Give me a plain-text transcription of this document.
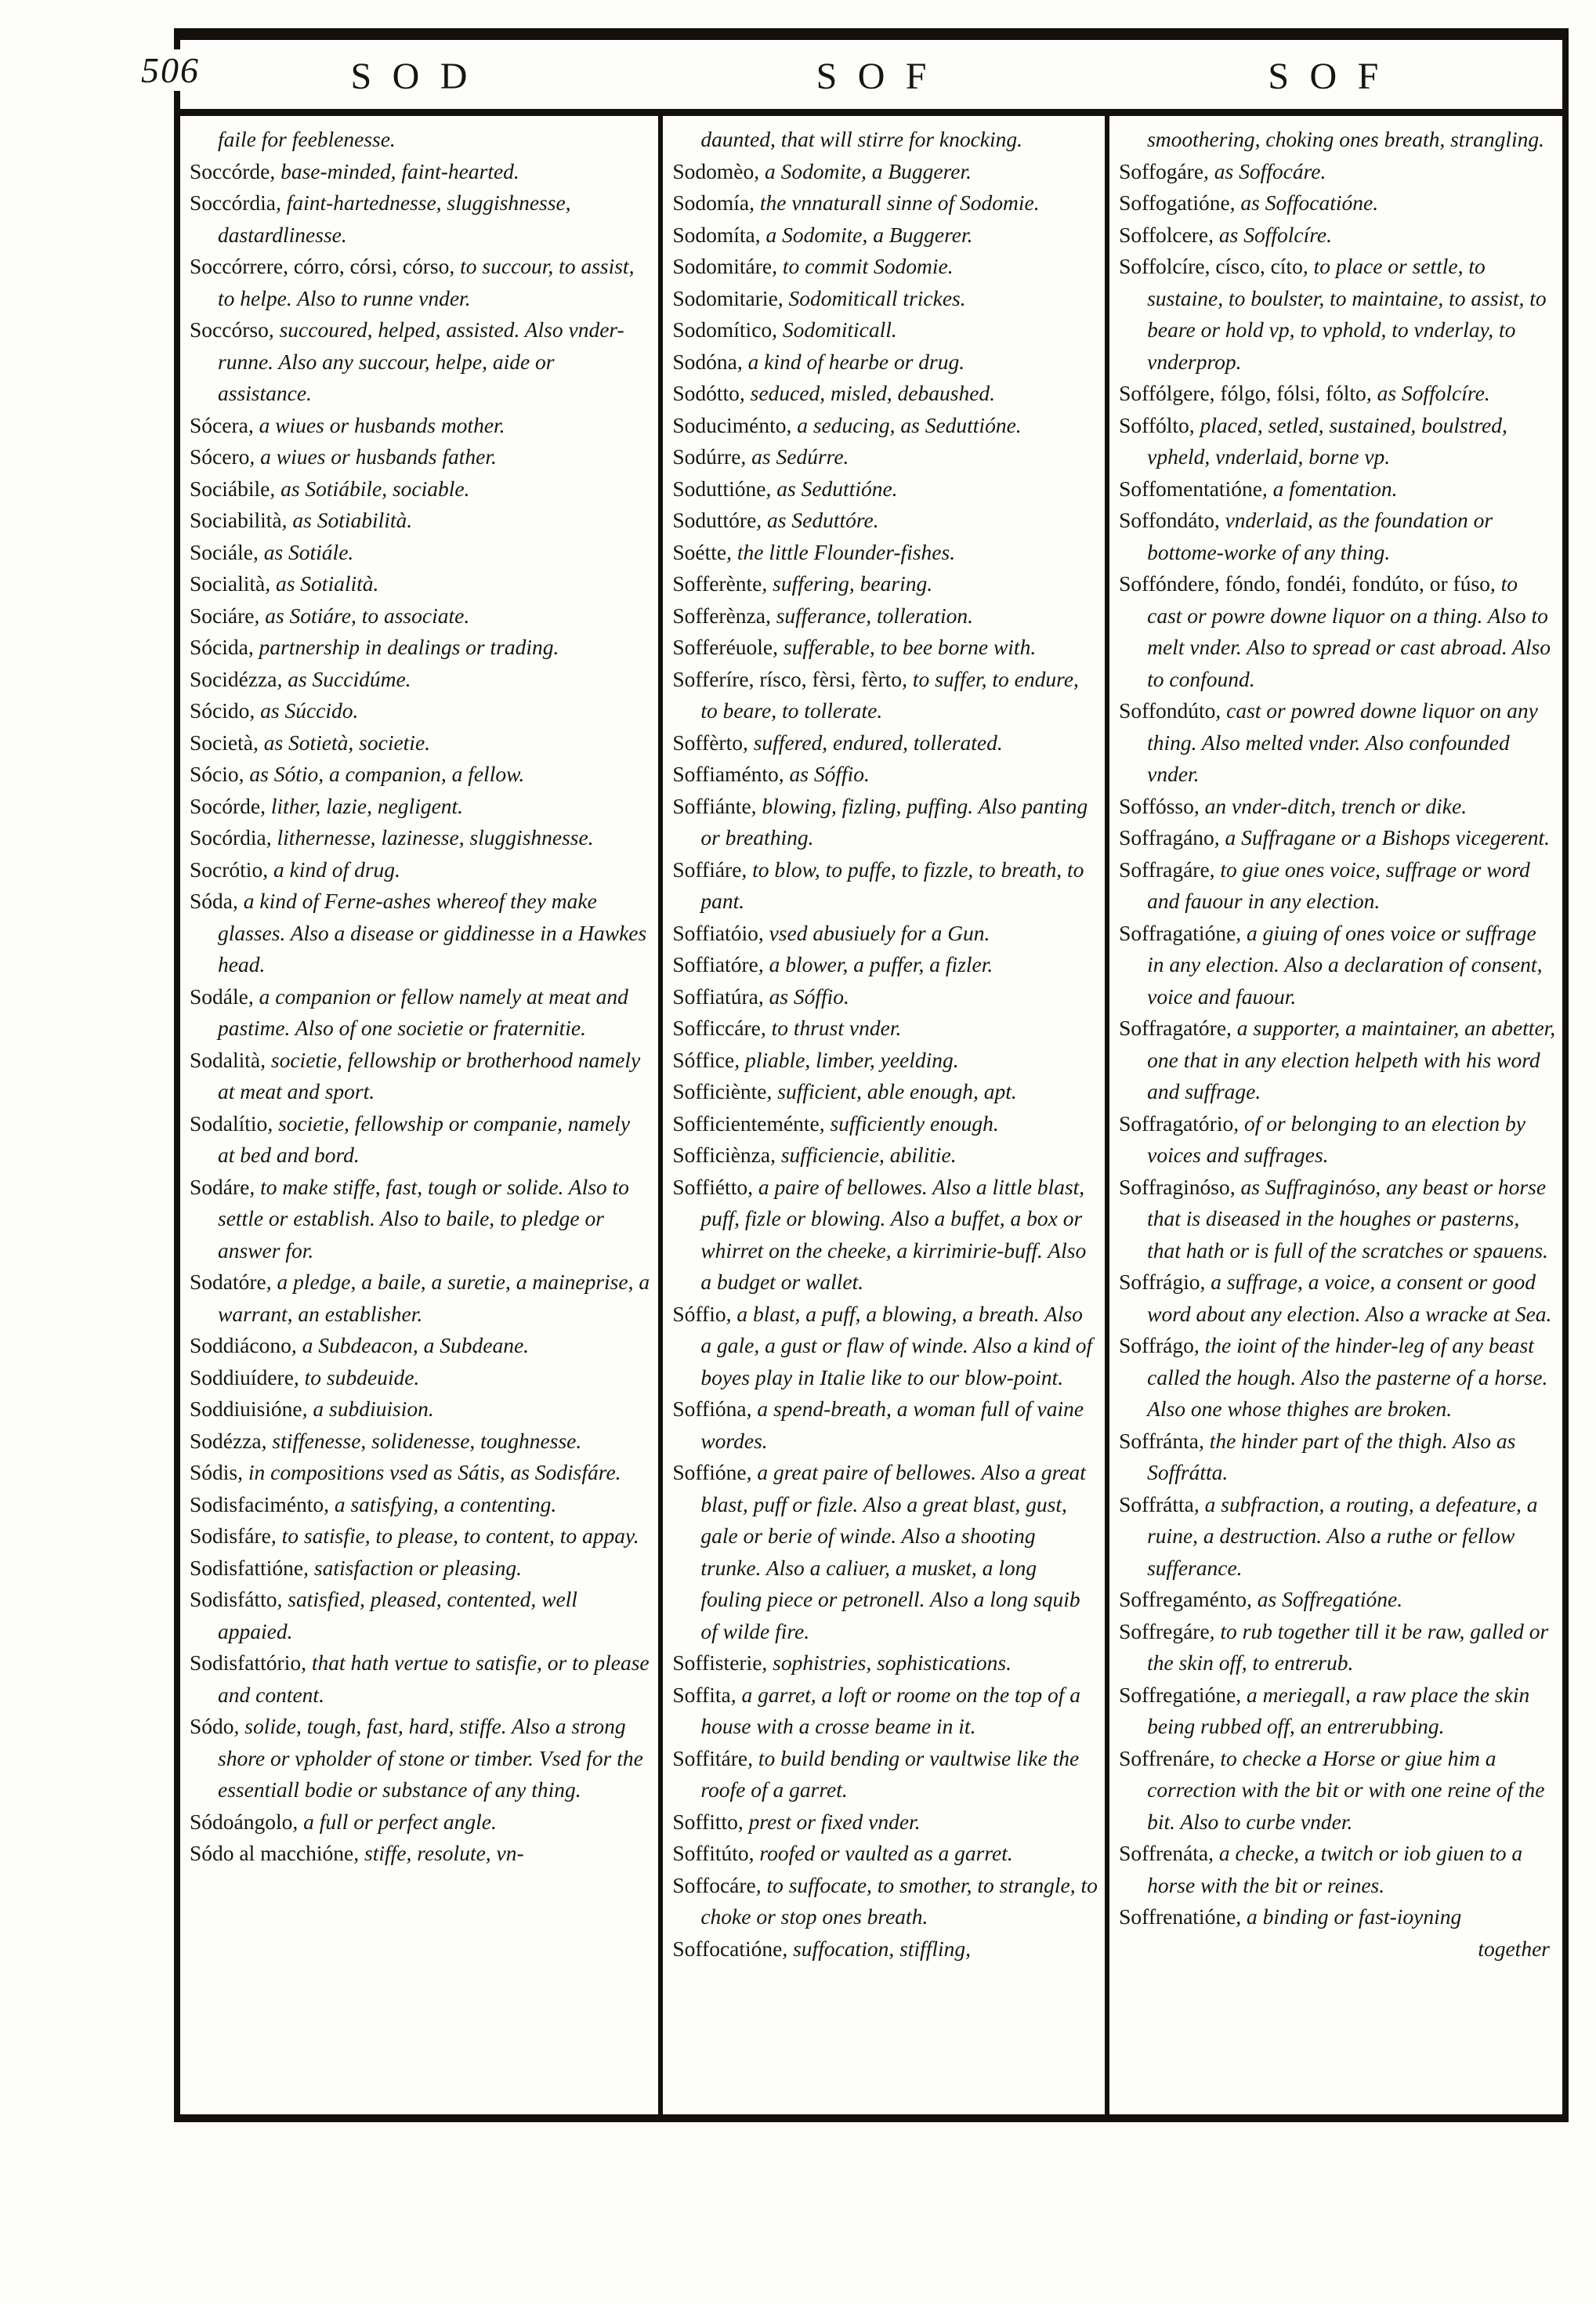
506	SOD	SOF	SOF
faile for feeblenesse.
Soccórde, base-minded, faint-hearted.
Soccórdia, faint-hartednesse, sluggishnesse, dastardlinesse.
Soccórrere, córro, córsi, córso, to succour, to assist, to helpe. Also to runne vnder.
Soccórso, succoured, helped, assisted. Also vnder-runne. Also any succour, helpe, aide or assistance.
Sócera, a wiues or husbands mother.
Sócero, a wiues or husbands father.
Sociábile, as Sotiábile, sociable.
Sociabilità, as Sotiabilità.
Sociále, as Sotiále.
Socialità, as Sotialità.
Sociáre, as Sotiáre, to associate.
Sócida, partnership in dealings or trading.
Socidézza, as Succidúme.
Sócido, as Súccido.
Società, as Sotietà, societie.
Sócio, as Sótio, a companion, a fellow.
Socórde, lither, lazie, negligent.
Socórdia, lithernesse, lazinesse, sluggishnesse.
Socrótio, a kind of drug.
Sóda, a kind of Ferne-ashes whereof they make glasses. Also a disease or giddinesse in a Hawkes head.
Sodále, a companion or fellow namely at meat and pastime. Also of one societie or fraternitie.
Sodalità, societie, fellowship or brotherhood namely at meat and sport.
Sodalítio, societie, fellowship or companie, namely at bed and bord.
Sodáre, to make stiffe, fast, tough or solide. Also to settle or establish. Also to baile, to pledge or answer for.
Sodatóre, a pledge, a baile, a suretie, a maineprise, a warrant, an establisher.
Soddiácono, a Subdeacon, a Subdeane.
Soddiuídere, to subdeuide.
Soddiuisióne, a subdiuision.
Sodézza, stiffenesse, solidenesse, toughnesse.
Sódis, in compositions vsed as Sátis, as Sodisfáre.
Sodisfaciménto, a satisfying, a contenting.
Sodisfáre, to satisfie, to please, to content, to appay.
Sodisfattióne, satisfaction or pleasing.
Sodisfátto, satisfied, pleased, contented, well appaied.
Sodisfattório, that hath vertue to satisfie, or to please and content.
Sódo, solide, tough, fast, hard, stiffe. Also a strong shore or vpholder of stone or timber. Vsed for the essentiall bodie or substance of any thing.
Sódoángolo, a full or perfect angle.
Sódo al macchióne, stiffe, resolute, vn-
daunted, that will stirre for knocking.
Sodomèo, a Sodomite, a Buggerer.
Sodomía, the vnnaturall sinne of Sodomie.
Sodomíta, a Sodomite, a Buggerer.
Sodomitáre, to commit Sodomie.
Sodomitarie, Sodomiticall trickes.
Sodomítico, Sodomiticall.
Sodóna, a kind of hearbe or drug.
Sodótto, seduced, misled, debaushed.
Soduciménto, a seducing, as Seduttióne.
Sodúrre, as Sedúrre.
Soduttióne, as Seduttióne.
Soduttóre, as Seduttóre.
Soétte, the little Flounder-fishes.
Sofferènte, suffering, bearing.
Sofferènza, sufferance, tolleration.
Sofferéuole, sufferable, to bee borne with.
Sofferíre, rísco, fèrsi, fèrto, to suffer, to endure, to beare, to tollerate.
Soffèrto, suffered, endured, tollerated.
Soffiaménto, as Sóffio.
Soffiánte, blowing, fizling, puffing. Also panting or breathing.
Soffiáre, to blow, to puffe, to fizzle, to breath, to pant.
Soffiatóio, vsed abusiuely for a Gun.
Soffiatóre, a blower, a puffer, a fizler.
Soffiatúra, as Sóffio.
Sofficcáre, to thrust vnder.
Sóffice, pliable, limber, yeelding.
Sofficiènte, sufficient, able enough, apt.
Sofficienteménte, sufficiently enough.
Sofficiènza, sufficiencie, abilitie.
Soffiétto, a paire of bellowes. Also a little blast, puff, fizle or blowing. Also a buffet, a box or whirret on the cheeke, a kirrimirie-buff. Also a budget or wallet.
Sóffio, a blast, a puff, a blowing, a breath. Also a gale, a gust or flaw of winde. Also a kind of boyes play in Italie like to our blow-point.
Soffióna, a spend-breath, a woman full of vaine wordes.
Soffióne, a great paire of bellowes. Also a great blast, puff or fizle. Also a great blast, gust, gale or berie of winde. Also a shooting trunke. Also a caliuer, a musket, a long fouling piece or petronell. Also a long squib of wilde fire.
Soffisterie, sophistries, sophistications.
Soffita, a garret, a loft or roome on the top of a house with a crosse beame in it.
Soffitáre, to build bending or vaultwise like the roofe of a garret.
Soffitto, prest or fixed vnder.
Soffitúto, roofed or vaulted as a garret.
Soffocáre, to suffocate, to smother, to strangle, to choke or stop ones breath.
Soffocatióne, suffocation, stiffling,
smoothering, choking ones breath, strangling.
Soffogáre, as Soffocáre.
Soffogatióne, as Soffocatióne.
Soffolcere, as Soffolcíre.
Soffolcíre, císco, cíto, to place or settle, to sustaine, to boulster, to maintaine, to assist, to beare or hold vp, to vphold, to vnderlay, to vnderprop.
Soffólgere, fólgo, fólsi, fólto, as Soffolcíre.
Soffólto, placed, setled, sustained, boulstred, vpheld, vnderlaid, borne vp.
Soffomentatióne, a fomentation.
Soffondáto, vnderlaid, as the foundation or bottome-worke of any thing.
Soffóndere, fóndo, fondéi, fondúto, or fúso, to cast or powre downe liquor on a thing. Also to melt vnder. Also to spread or cast abroad. Also to confound.
Soffondúto, cast or powred downe liquor on any thing. Also melted vnder. Also confounded vnder.
Soffósso, an vnder-ditch, trench or dike.
Soffragáno, a Suffragane or a Bishops vicegerent.
Soffragáre, to giue ones voice, suffrage or word and fauour in any election.
Soffragatióne, a giuing of ones voice or suffrage in any election. Also a declaration of consent, voice and fauour.
Soffragatóre, a supporter, a maintainer, an abetter, one that in any election helpeth with his word and suffrage.
Soffragatório, of or belonging to an election by voices and suffrages.
Soffraginóso, as Suffraginóso, any beast or horse that is diseased in the houghes or pasterns, that hath or is full of the scratches or spauens.
Soffrágio, a suffrage, a voice, a consent or good word about any election. Also a wracke at Sea.
Soffrágo, the ioint of the hinder-leg of any beast called the hough. Also the pasterne of a horse. Also one whose thighes are broken.
Soffránta, the hinder part of the thigh. Also as Soffrátta.
Soffrátta, a subfraction, a routing, a defeature, a ruine, a destruction. Also a ruthe or fellow sufferance.
Soffregaménto, as Soffregatióne.
Soffregáre, to rub together till it be raw, galled or the skin off, to entrerub.
Soffregatióne, a meriegall, a raw place the skin being rubbed off, an entrerubbing.
Soffrenáre, to checke a Horse or giue him a correction with the bit or with one reine of the bit. Also to curbe vnder.
Soffrenáta, a checke, a twitch or iob giuen to a horse with the bit or reines.
Soffrenatióne, a binding or fast-ioyning
together
